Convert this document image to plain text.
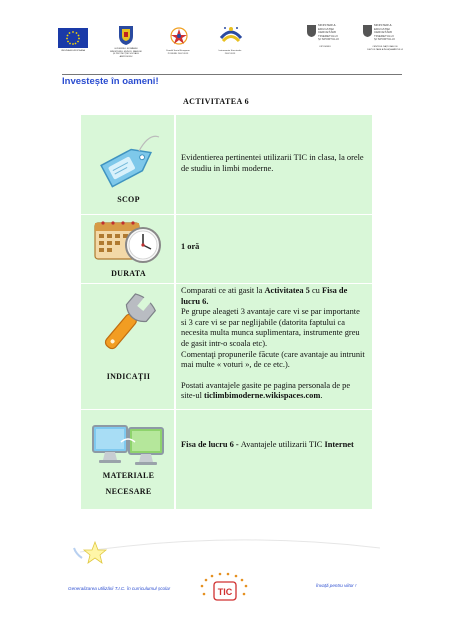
UNIUNEA EUROPEANĂ
GUVERNUL ROMÂNIEI
MINISTERUL MUNCII, FAMILIEI
ȘI PROTECȚIEI SOCIALE
AMPOSDRU
Fondul Social European
POSDRU 2007-2013
Instrumente Structurale
2007-2013
MINISTERUL
EDUCAȚIEI
CERCETĂRII
TINERETULUI
ȘI SPORTULUI
OIPOSDRU
MINISTERUL
EDUCAȚIEI
CERCETĂRII
TINERETULUI
ȘI SPORTULUI
CENTRUL NAȚIONAL DE
DEZVOLTARE A ÎNVĂȚĂMÂNTULUI
Investește în oameni!
ACTIVITATEA 6
SCOP
Evidentierea pertinentei utilizarii TIC in clasa, la orele de studiu in limbi moderne.
DURATA
1 oră
INDICAȚII
Comparati ce ati gasit la Activitatea 5 cu Fisa de lucru 6.
Pe grupe aleageti 3 avantaje care vi se par importante si 3 care vi se par neglijabile (datorita faptului ca necesita multa munca suplimentara, instrumente greu de gasit intr-o scoala etc).
Comentaţi propunerile făcute (care avantaje au intrunit mai multe « voturi », de ce etc.).
Postati avantajele gasite pe pagina personala de pe site-ul ticlimbimoderne.wikispaces.com.
MATERIALE
NECESARE
Fisa de lucru 6 - Avantajele utilizarii TIC Internet
TIC
Generalizarea utilizării T.I.C. în curriculumul școlar
Învață pentru viitor !
